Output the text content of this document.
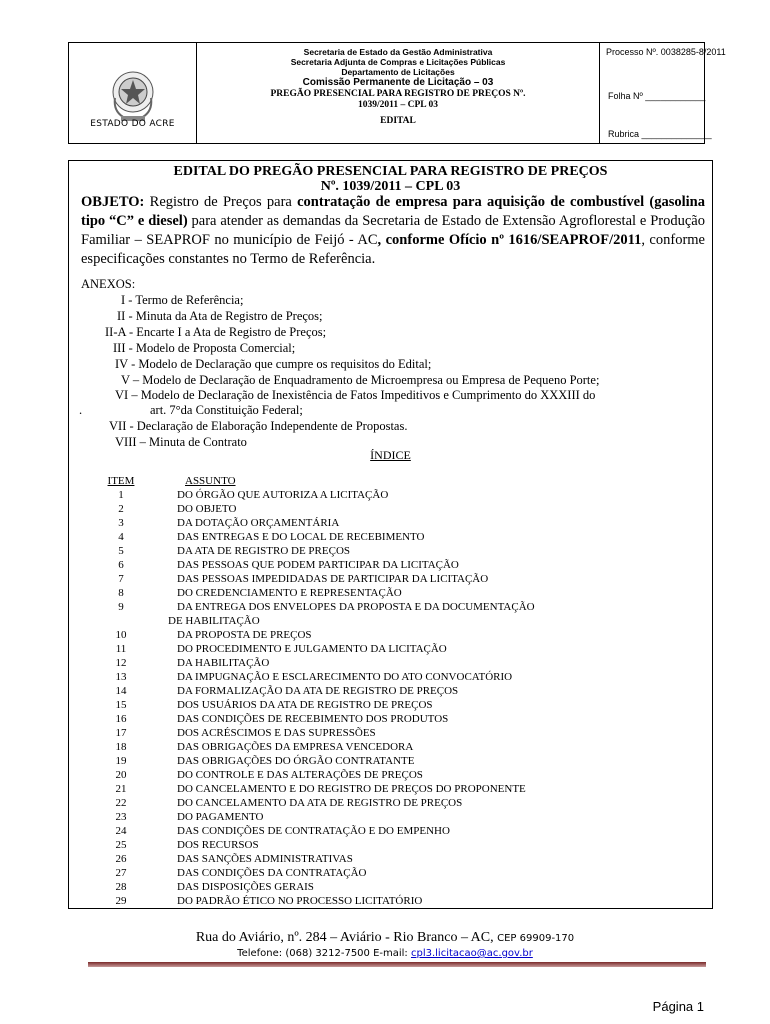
ESTADO DO ACRE
Secretaria de Estado da Gestão Administrativa
Secretaria Adjunta de Compras e Licitações Públicas
Departamento de Licitações
Comissão Permanente de Licitação – 03
PREGÃO PRESENCIAL PARA REGISTRO DE PREÇOS Nº.
1039/2011 – CPL 03
EDITAL
Processo Nº. 0038285-8/2011
Folha Nº ____________
Rubrica ______________
EDITAL DO PREGÃO PRESENCIAL PARA REGISTRO DE PREÇOS
Nº. 1039/2011 – CPL 03
OBJETO: Registro de Preços para contratação de empresa para aquisição de combustível (gasolina tipo “C” e diesel) para atender as demandas da Secretaria de Estado de Extensão Agroflorestal e Produção Familiar – SEAPROF no município de Feijó - AC, conforme Ofício nº 1616/SEAPROF/2011, conforme especificações constantes no Termo de Referência.
ANEXOS:
I - Termo de Referência;
II - Minuta da Ata de Registro de Preços;
II-A - Encarte I a Ata de Registro de Preços;
III - Modelo de Proposta Comercial;
IV - Modelo de Declaração que cumpre os requisitos do Edital;
V – Modelo de Declaração de Enquadramento de Microempresa ou Empresa de Pequeno Porte;
VI – Modelo de Declaração de Inexistência de Fatos Impeditivos e Cumprimento do XXXIII do
.	art. 7°da Constituição Federal;
VII - Declaração de Elaboração Independente de Propostas.
VIII – Minuta de Contrato
ÍNDICE
ITEM	ASSUNTO
1	DO ÓRGÃO QUE AUTORIZA A LICITAÇÃO
2	DO OBJETO
3	DA DOTAÇÃO ORÇAMENTÁRIA
4	DAS ENTREGAS E DO LOCAL DE RECEBIMENTO
5	DA ATA DE REGISTRO DE PREÇOS
6	DAS PESSOAS QUE PODEM PARTICIPAR DA LICITAÇÃO
7	DAS PESSOAS IMPEDIDADAS DE PARTICIPAR DA LICITAÇÃO
8	DO CREDENCIAMENTO E REPRESENTAÇÃO
9	DA ENTREGA DOS ENVELOPES DA PROPOSTA E DA DOCUMENTAÇÃO
DE HABILITAÇÃO
10	DA PROPOSTA DE PREÇOS
11	DO PROCEDIMENTO E JULGAMENTO DA LICITAÇÃO
12	DA HABILITAÇÃO
13	DA IMPUGNAÇÃO E ESCLARECIMENTO DO ATO CONVOCATÓRIO
14	DA FORMALIZAÇÃO DA ATA DE REGISTRO DE PREÇOS
15	DOS USUÁRIOS DA ATA DE REGISTRO DE PREÇOS
16	DAS CONDIÇÕES DE RECEBIMENTO DOS PRODUTOS
17	DOS ACRÉSCIMOS E DAS SUPRESSÕES
18	DAS OBRIGAÇÕES DA EMPRESA VENCEDORA
19	DAS OBRIGAÇÕES DO ÓRGÃO CONTRATANTE
20	DO CONTROLE E DAS ALTERAÇÕES DE PREÇOS
21	DO CANCELAMENTO E DO REGISTRO DE PREÇOS DO PROPONENTE
22	DO CANCELAMENTO DA ATA DE REGISTRO DE PREÇOS
23	DO PAGAMENTO
24	DAS CONDIÇÕES DE CONTRATAÇÃO E DO EMPENHO
25	DOS RECURSOS
26	DAS SANÇÕES ADMINISTRATIVAS
27	DAS CONDIÇÕES DA CONTRATAÇÃO
28	DAS DISPOSIÇÕES GERAIS
29	DO PADRÃO ÉTICO NO PROCESSO LICITATÓRIO
Rua do Aviário, nº. 284 – Aviário - Rio Branco – AC, CEP 69909-170
Telefone: (068) 3212-7500 E-mail: cpl3.licitacao@ac.gov.br
Página 1
